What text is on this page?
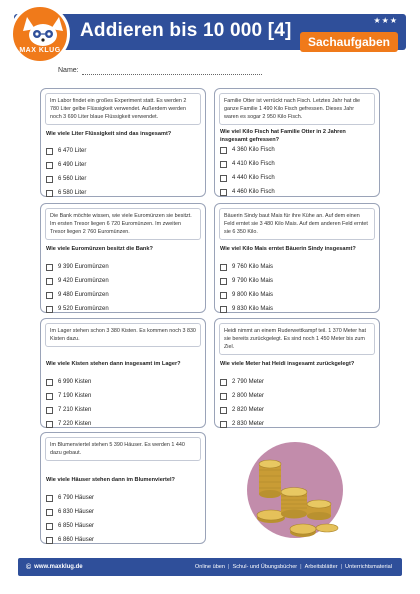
MAX KLUG
Addieren bis 10 000 [4]	★★★
Sachaufgaben
Name:
Im Labor findet ein großes Experiment statt. Es werden 2 780 Liter gelbe Flüssigkeit verwendet. Außerdem werden noch 3 690 Liter blaue Flüssigkeit verwendet.
Wie viele Liter Flüssigkeit sind das insgesamt?
6 470 Liter
6 490 Liter
6 560 Liter
6 580 Liter
Familie Otter ist verrückt nach Fisch. Letztes Jahr hat die ganze Familie 1 490 Kilo Fisch gefressen. Dieses Jahr waren es sogar 2 950 Kilo Fisch.
Wie viel Kilo Fisch hat Familie Otter in 2 Jahren insgesamt gefressen?
4 360 Kilo Fisch
4 410 Kilo Fisch
4 440 Kilo Fisch
4 460 Kilo Fisch
Die Bank möchte wissen, wie viele Euromünzen sie besitzt. Im ersten Tresor liegen 6 720 Euromünzen. Im zweiten Tresor liegen 2 760 Euromünzen.
Wie viele Euromünzen besitzt die Bank?
9 390 Euromünzen
9 420 Euromünzen
9 480 Euromünzen
9 520 Euromünzen
Bäuerin Sindy baut Mais für ihre Kühe an. Auf dem einen Feld erntet sie 3 480 Kilo Mais. Auf dem anderen Feld erntet sie 6 350 Kilo.
Wie viel Kilo Mais erntet Bäuerin Sindy insgesamt?
9 760 Kilo Mais
9 790 Kilo Mais
9 800 Kilo Mais
9 830 Kilo Mais
Im Lager stehen schon 3 380 Kisten. Es kommen noch 3 830 Kisten dazu.
Wie viele Kisten stehen dann insgesamt im Lager?
6 990 Kisten
7 190 Kisten
7 210 Kisten
7 220 Kisten
Heidi nimmt an einem Ruderwettkampf teil. 1 370 Meter hat sie bereits zurückgelegt. Es sind noch 1 450 Meter bis zum Ziel.
Wie viele Meter hat Heidi insgesamt zurückgelegt?
2 790 Meter
2 800 Meter
2 820 Meter
2 830 Meter
Im Blumenviertel stehen 5 390 Häuser. Es werden 1 440 dazu gebaut.
Wie viele Häuser stehen dann im Blumenviertel?
6 790 Häuser
6 830 Häuser
6 850 Häuser
6 860 Häuser
© www.maxklug.de	Online üben | Schul- und Übungsbücher | Arbeitsblätter | Unterrichtsmaterial
